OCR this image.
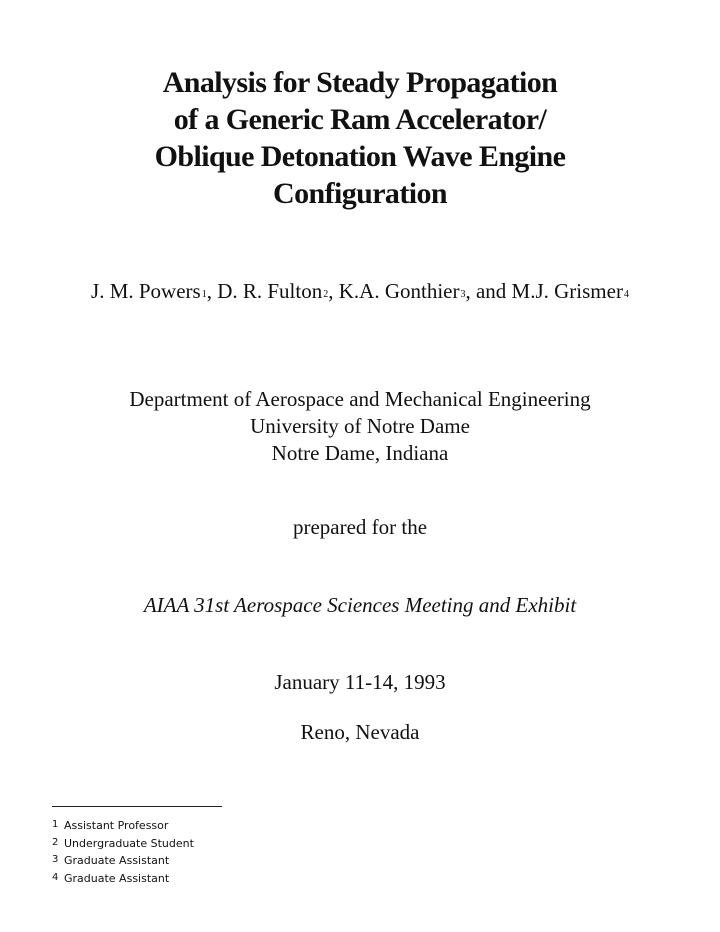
Analysis for Steady Propagation
of a Generic Ram Accelerator/
Oblique Detonation Wave Engine
Configuration
J. M. Powers$^1$, D. R. Fulton$^2$, K.A. Gonthier$^3$, and M.J. Grismer$^4$
Department of Aerospace and Mechanical Engineering
University of Notre Dame
Notre Dame, Indiana
prepared for the
AIAA 31st Aerospace Sciences Meeting and Exhibit
January 11-14, 1993
Reno, Nevada
1 Assistant Professor
2 Undergraduate Student
3 Graduate Assistant
4 Graduate Assistant
